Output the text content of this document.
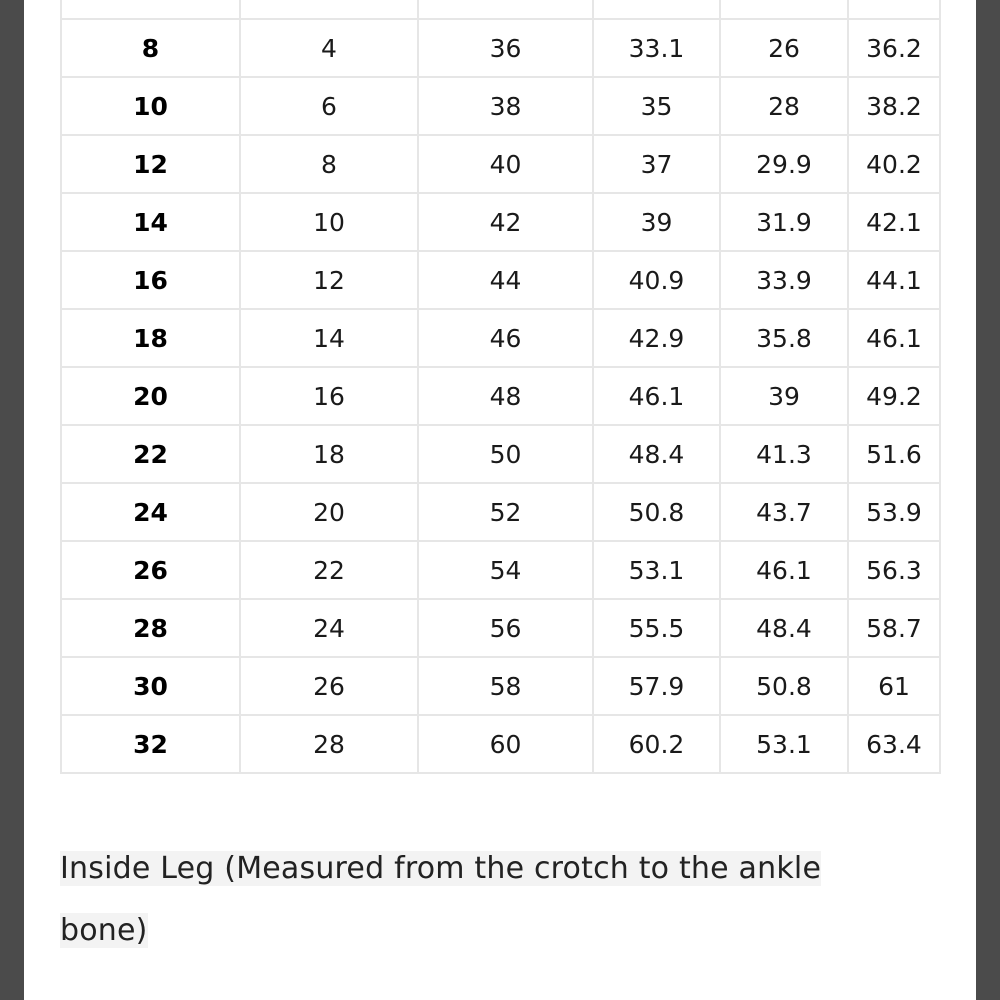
8	4	36	33.1	26	36.2
10	6	38	35	28	38.2
12	8	40	37	29.9	40.2
14	10	42	39	31.9	42.1
16	12	44	40.9	33.9	44.1
18	14	46	42.9	35.8	46.1
20	16	48	46.1	39	49.2
22	18	50	48.4	41.3	51.6
24	20	52	50.8	43.7	53.9
26	22	54	53.1	46.1	56.3
28	24	56	55.5	48.4	58.7
30	26	58	57.9	50.8	61
32	28	60	60.2	53.1	63.4
Inside Leg (Measured from the crotch to the ankle
bone)
